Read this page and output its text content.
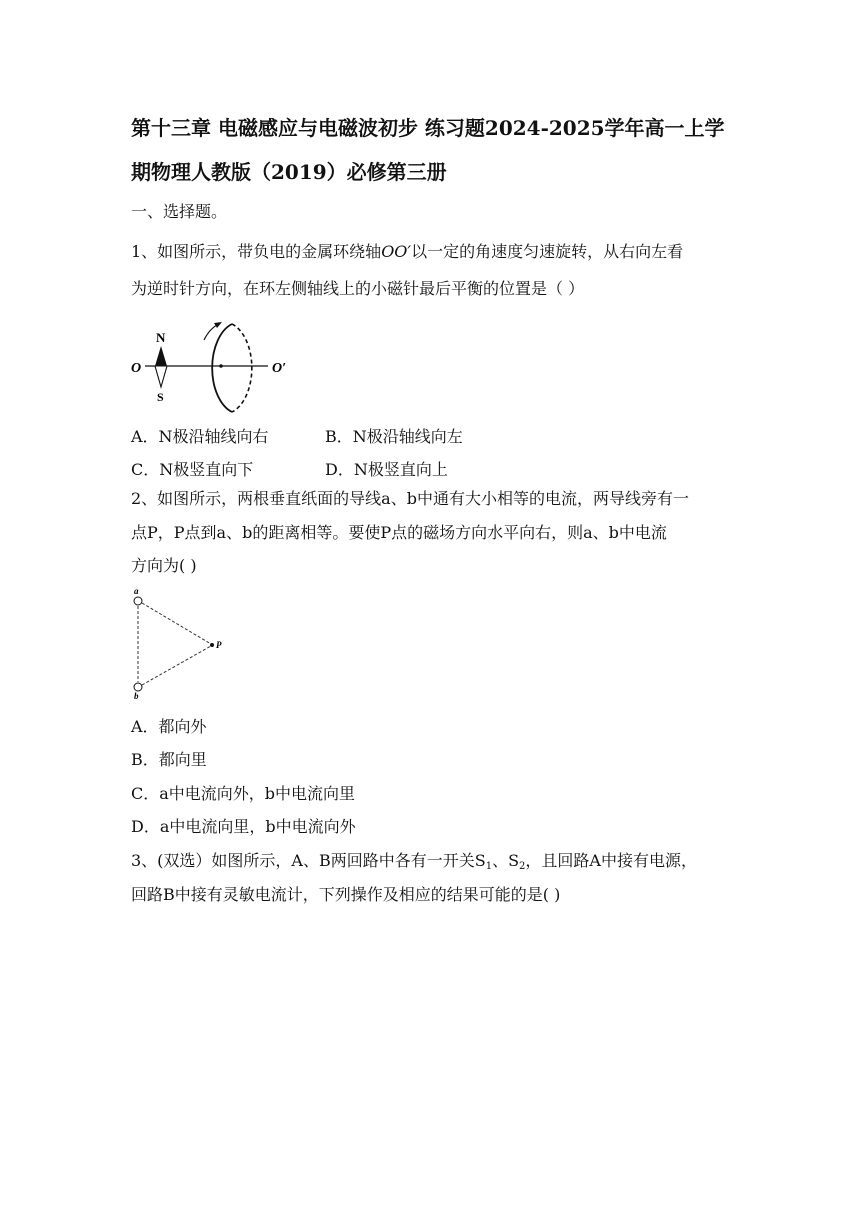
第十三章 电磁感应与电磁波初步 练习题2024-2025学年高一上学
期物理人教版（2019）必修第三册
一、选择题。
1、如图所示，带负电的金属环绕轴OO′以一定的角速度匀速旋转，从右向左看
为逆时针方向，在环左侧轴线上的小磁针最后平衡的位置是（ ）
N
S
O	O′
A．N极沿轴线向右	B．N极沿轴线向左
C．N极竖直向下	D．N极竖直向上
2、如图所示，两根垂直纸面的导线a、b中通有大小相等的电流，两导线旁有一
点P，P点到a、b的距离相等。要使P点的磁场方向水平向右，则a、b中电流
方向为( )
a
b
P
A．都向外
B．都向里
C．a中电流向外，b中电流向里
D．a中电流向里，b中电流向外
3、(双选）如图所示，A、B两回路中各有一开关$S_1$、$S_2$，且回路A中接有电源，
回路B中接有灵敏电流计，下列操作及相应的结果可能的是( )
